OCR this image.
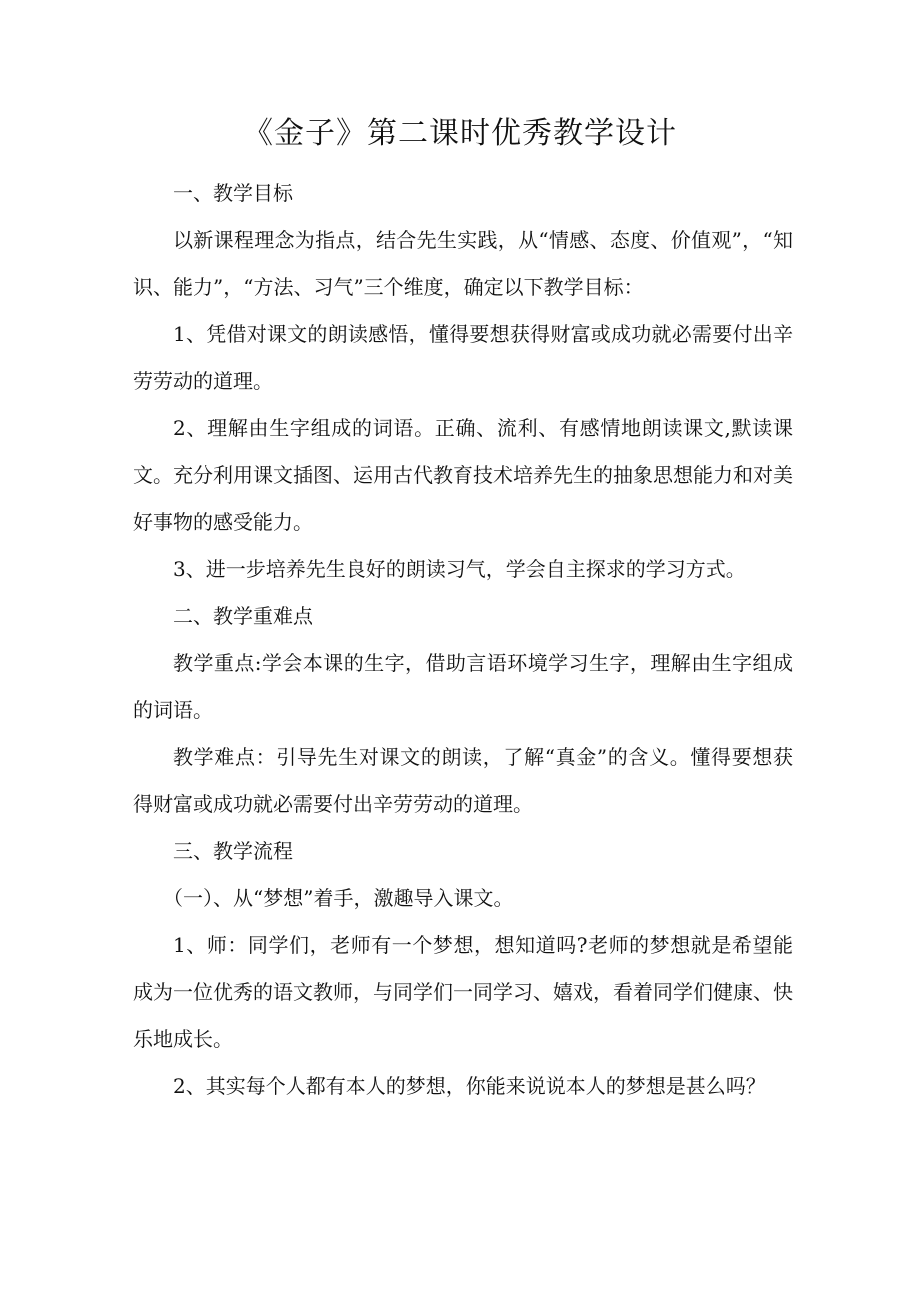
《金子》第二课时优秀教学设计

一、教学目标

以新课程理念为指点，结合先生实践，从“情感、态度、价值观”，“知识、能力”，“方法、习气”三个维度，确定以下教学目标：

1、凭借对课文的朗读感悟，懂得要想获得财富或成功就必需要付出辛劳劳动的道理。

2、理解由生字组成的词语。正确、流利、有感情地朗读课文,默读课文。充分利用课文插图、运用古代教育技术培养先生的抽象思想能力和对美好事物的感受能力。

3、进一步培养先生良好的朗读习气，学会自主探求的学习方式。

二、教学重难点

教学重点:学会本课的生字，借助言语环境学习生字，理解由生字组成的词语。

教学难点：引导先生对课文的朗读，了解“真金”的含义。懂得要想获得财富或成功就必需要付出辛劳劳动的道理。

三、教学流程

（一）、从“梦想”着手，激趣导入课文。

1、师：同学们，老师有一个梦想，想知道吗?老师的梦想就是希望能成为一位优秀的语文教师，与同学们一同学习、嬉戏，看着同学们健康、快乐地成长。

2、其实每个人都有本人的梦想，你能来说说本人的梦想是甚么吗？
